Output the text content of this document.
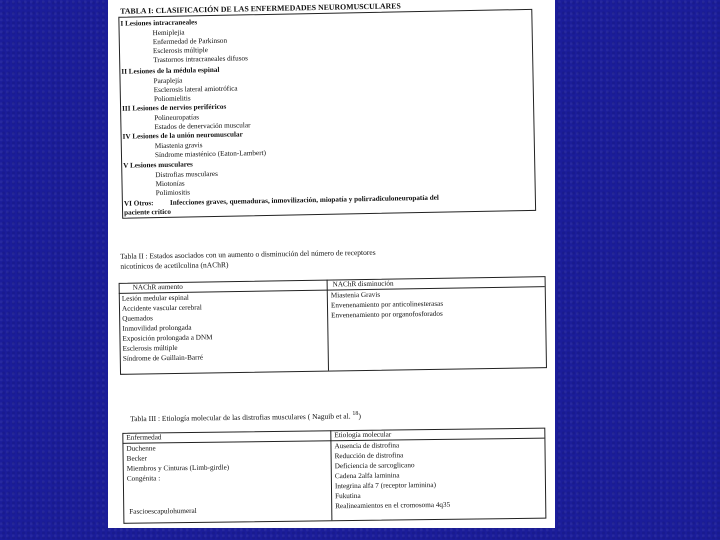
TABLA I: CLASIFICACIÓN DE LAS ENFERMEDADES NEUROMUSCULARES
I Lesiones intracraneales
Hemiplejia
Enfermedad de Parkinson
Esclerosis múltiple
Trastornos intracraneales difusos
II Lesiones de la médula espinal
Paraplejía
Esclerosis lateral amiotrófica
Poliomielitis
III Lesiones de nervios periféricos
Polineuropatías
Estados de denervación muscular
IV Lesiones de la unión neuromuscular
Miastenia gravis
Síndrome miasténico (Eaton-Lambert)
V Lesiones musculares
Distrofias musculares
Miotonías
Polimiositis
VI Otros: Infecciones graves, quemaduras, inmovilización, miopatía y polirradiculoneuropatía del
paciente crítico
Tabla II : Estados asociados con un aumento o disminución del número de receptores
nicotínicos de acetilcolina (nAChR)
NAChR aumento	NAChR disminución
Lesión medular espinal
Accidente vascular cerebral
Quemados
Inmovilidad prolongada
Exposición prolongada a DNM
Esclerosis múltiple
Síndrome de Guillain-Barré
Miastenia Gravis
Envenenamiento por anticolinesterasas
Envenenamiento por organofosforados
Tabla III : Etiología molecular de las distrofias musculares ( Naguib et al. $^{18}$)
Enfermedad	Etiología molecular
Duchenne
Becker
Miembros y Cinturas (Limb-girdle)
Congénita :
Fascioescapulohumeral
Ausencia de distrofina
Reducción de distrofina
Deficiencia de sarcoglicano
Cadena 2alfa laminina
Integrina alfa 7 (receptor laminina)
Fukutina
Realineamientos en el cromosoma 4q35
